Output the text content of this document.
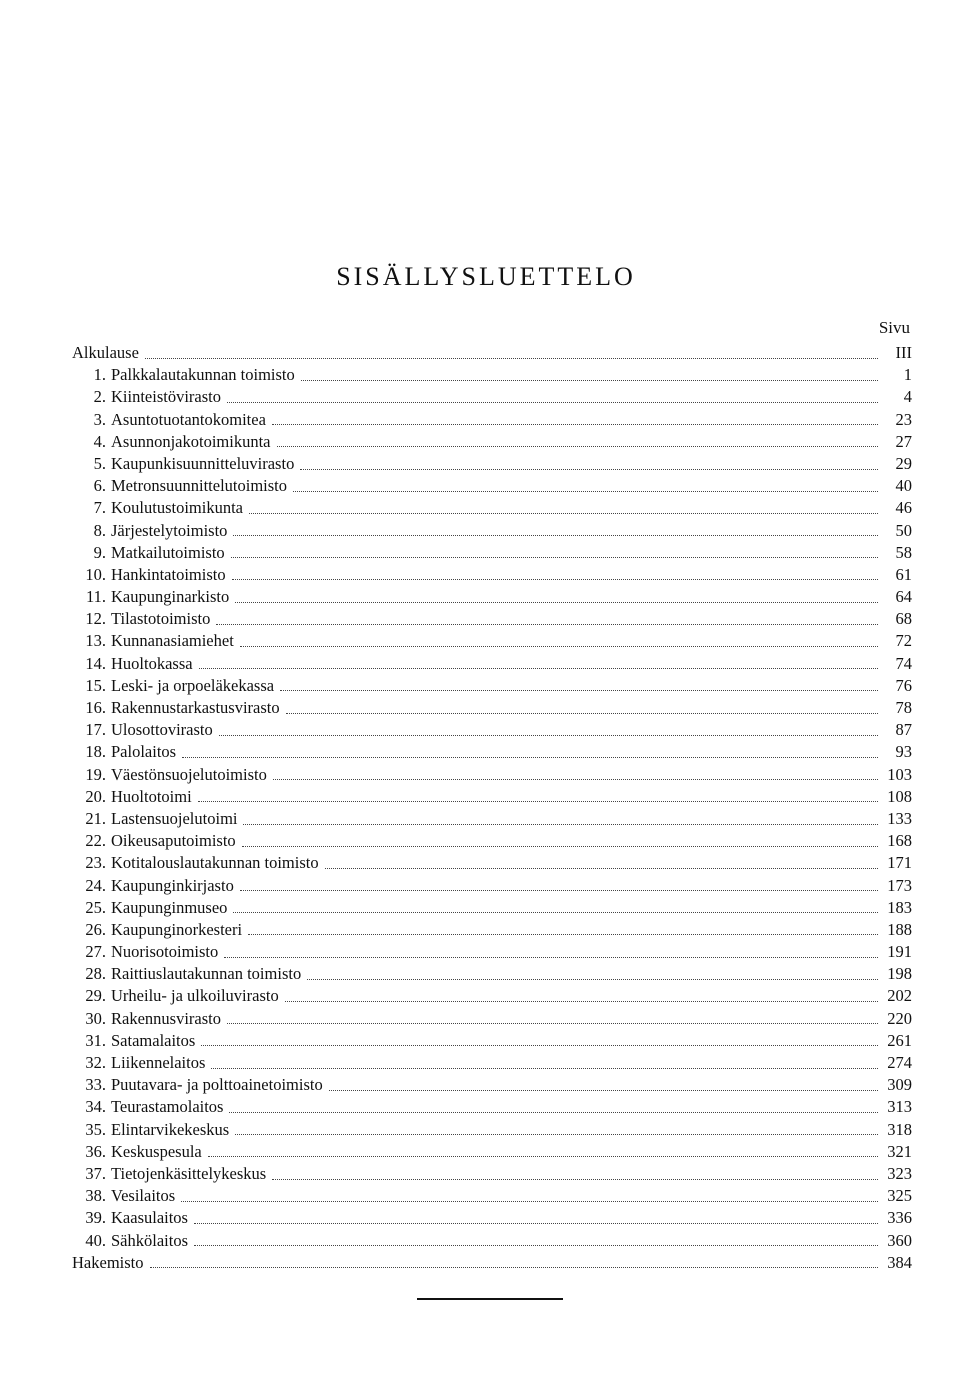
SISÄLLYSLUETTELO
Sivu
Alkulause	III
1. Palkkalautakunnan toimisto	1
2. Kiinteistövirasto	4
3. Asuntotuotantokomitea	23
4. Asunnonjakotoimikunta	27
5. Kaupunkisuunnitteluvirasto	29
6. Metronsuunnittelutoimisto	40
7. Koulutustoimikunta	46
8. Järjestelytoimisto	50
9. Matkailutoimisto	58
10. Hankintatoimisto	61
11. Kaupunginarkisto	64
12. Tilastotoimisto	68
13. Kunnanasiamiehet	72
14. Huoltokassa	74
15. Leski- ja orpoeläkekassa	76
16. Rakennustarkastusvirasto	78
17. Ulosottovirasto	87
18. Palolaitos	93
19. Väestönsuojelutoimisto	103
20. Huoltotoimi	108
21. Lastensuojelutoimi	133
22. Oikeusaputoimisto	168
23. Kotitalouslautakunnan toimisto	171
24. Kaupunginkirjasto	173
25. Kaupunginmuseo	183
26. Kaupunginorkesteri	188
27. Nuorisotoimisto	191
28. Raittiuslautakunnan toimisto	198
29. Urheilu- ja ulkoiluvirasto	202
30. Rakennusvirasto	220
31. Satamalaitos	261
32. Liikennelaitos	274
33. Puutavara- ja polttoainetoimisto	309
34. Teurastamolaitos	313
35. Elintarvikekeskus	318
36. Keskuspesula	321
37. Tietojenkäsittelykeskus	323
38. Vesilaitos	325
39. Kaasulaitos	336
40. Sähkölaitos	360
Hakemisto	384
